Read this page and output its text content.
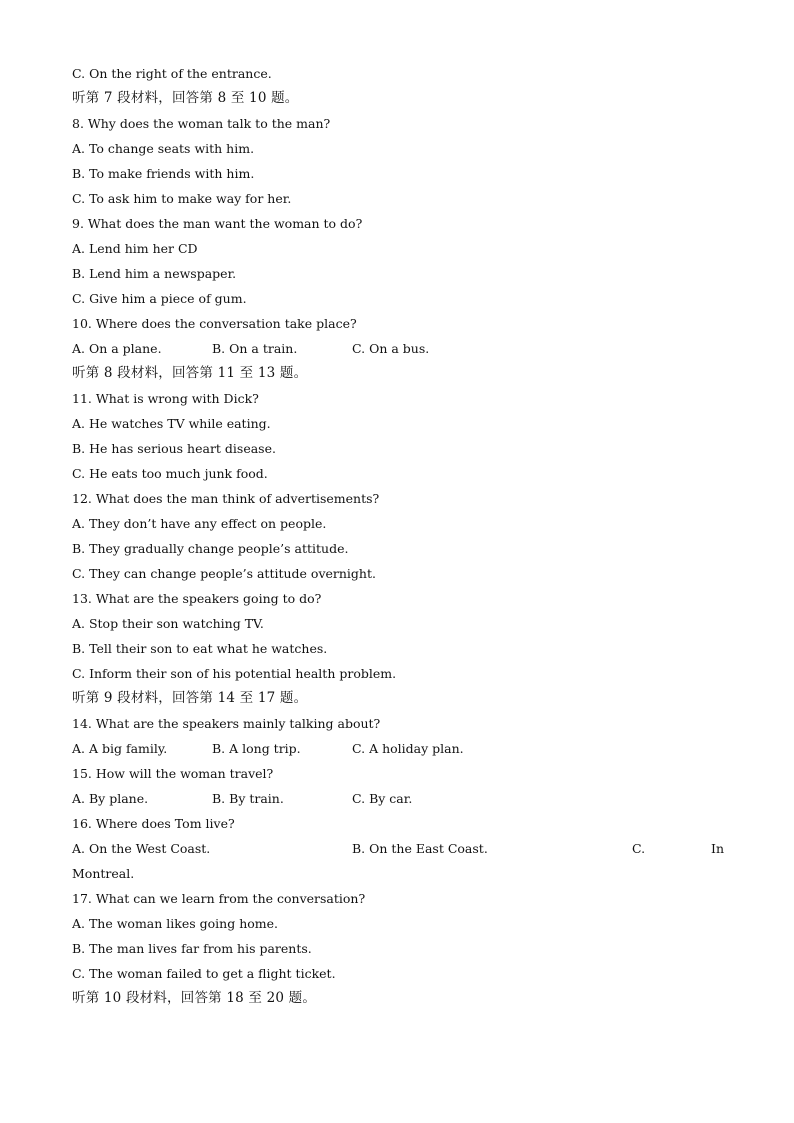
C. On the right of the entrance.
听第 7 段材料，回答第 8 至 10 题。
8. Why does the woman talk to the man?
A. To change seats with him.
B. To make friends with him.
C. To ask him to make way for her.
9. What does the man want the woman to do?
A. Lend him her CD
B. Lend him a newspaper.
C. Give him a piece of gum.
10. Where does the conversation take place?
A. On a plane.	B. On a train.	C. On a bus.
听第 8 段材料，回答第 11 至 13 题。
11. What is wrong with Dick?
A. He watches TV while eating.
B. He has serious heart disease.
C. He eats too much junk food.
12. What does the man think of advertisements?
A. They don’t have any effect on people.
B. They gradually change people’s attitude.
C. They can change people’s attitude overnight.
13. What are the speakers going to do?
A. Stop their son watching TV.
B. Tell their son to eat what he watches.
C. Inform their son of his potential health problem.
听第 9 段材料，回答第 14 至 17 题。
14. What are the speakers mainly talking about?
A. A big family.	B. A long trip.	C. A holiday plan.
15. How will the woman travel?
A. By plane.	B. By train.	C. By car.
16. Where does Tom live?
A. On the West Coast.	B. On the East Coast.	C.	In
Montreal.
17. What can we learn from the conversation?
A. The woman likes going home.
B. The man lives far from his parents.
C. The woman failed to get a flight ticket.
听第 10 段材料，回答第 18 至 20 题。
